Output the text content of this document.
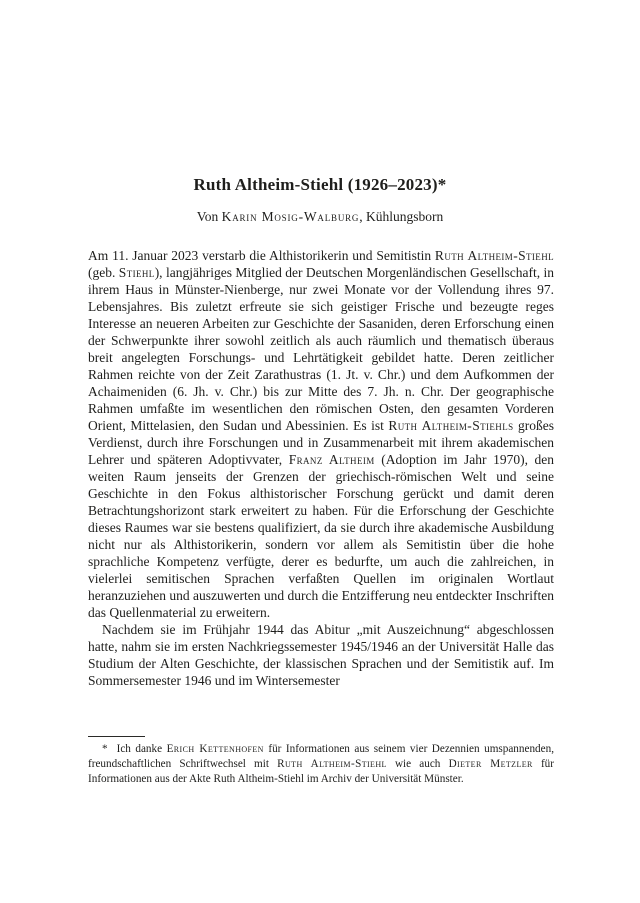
Ruth Altheim-Stiehl (1926–2023)*
Von Karin Mosig-Walburg, Kühlungsborn

Am 11. Januar 2023 verstarb die Althistorikerin und Semitistin Ruth Altheim-Stiehl (geb. Stiehl), langjähriges Mitglied der Deutschen Morgenländischen Gesellschaft, in ihrem Haus in Münster-Nienberge, nur zwei Monate vor der Vollendung ihres 97. Lebensjahres. Bis zuletzt erfreute sie sich geistiger Frische und bezeugte reges Interesse an neueren Arbeiten zur Geschichte der Sasaniden, deren Erforschung einen der Schwerpunkte ihrer sowohl zeitlich als auch räumlich und thematisch überaus breit angelegten Forschungs- und Lehrtätigkeit gebildet hatte. Deren zeitlicher Rahmen reichte von der Zeit Zarathustras (1. Jt. v. Chr.) und dem Aufkommen der Achaimeniden (6. Jh. v. Chr.) bis zur Mitte des 7. Jh. n. Chr. Der geographische Rahmen umfaßte im wesentlichen den römischen Osten, den gesamten Vorderen Orient, Mittelasien, den Sudan und Abessinien. Es ist Ruth Altheim-Stiehls großes Verdienst, durch ihre Forschungen und in Zusammenarbeit mit ihrem akademischen Lehrer und späteren Adoptivvater, Franz Altheim (Adoption im Jahr 1970), den weiten Raum jenseits der Grenzen der griechisch-römischen Welt und seine Geschichte in den Fokus althistorischer Forschung gerückt und damit deren Betrachtungshorizont stark erweitert zu haben. Für die Erforschung der Geschichte dieses Raumes war sie bestens qualifiziert, da sie durch ihre akademische Ausbildung nicht nur als Althistorikerin, sondern vor allem als Semitistin über die hohe sprachliche Kompetenz verfügte, derer es bedurfte, um auch die zahlreichen, in vielerlei semitischen Sprachen verfaßten Quellen im originalen Wortlaut heranzuziehen und auszuwerten und durch die Entzifferung neu entdeckter Inschriften das Quellenmaterial zu erweitern.

Nachdem sie im Frühjahr 1944 das Abitur „mit Auszeichnung“ abgeschlossen hatte, nahm sie im ersten Nachkriegssemester 1945/1946 an der Universität Halle das Studium der Alten Geschichte, der klassischen Sprachen und der Semitistik auf. Im Sommersemester 1946 und im Wintersemester

* Ich danke Erich Kettenhofen für Informationen aus seinem vier Dezennien umspannenden, freundschaftlichen Schriftwechsel mit Ruth Altheim-Stiehl wie auch Dieter Metzler für Informationen aus der Akte Ruth Altheim-Stiehl im Archiv der Universität Münster.
